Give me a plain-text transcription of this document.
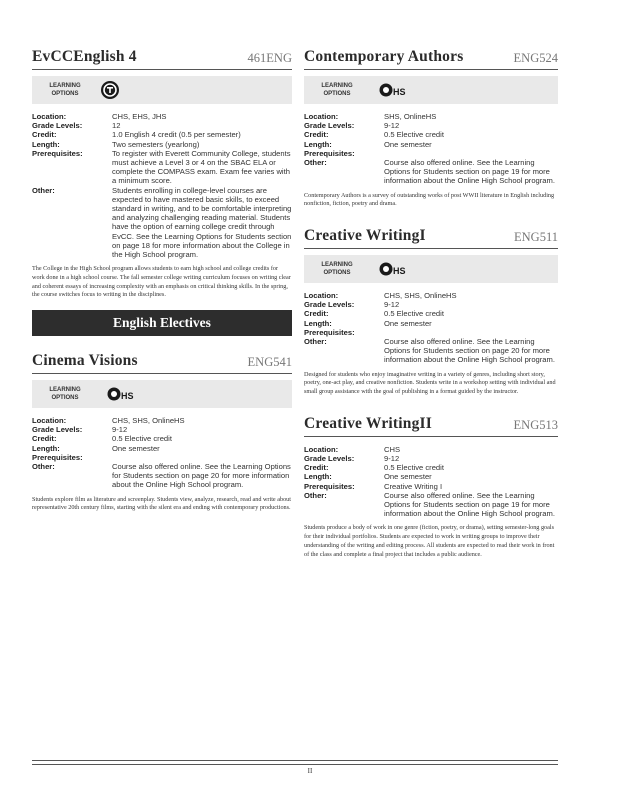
EvCCEnglish 4	461ENG
LEARNING OPTIONS
Location:	CHS, EHS, JHS
Grade Levels:	12
Credit:	1.0 English 4 credit (0.5 per semester)
Length:	Two semesters (yearlong)
Prerequisites:	To register with Everett Community College, students must achieve a Level 3 or 4 on the SBAC ELA or complete the COMPASS exam. Exam fee varies with a minimum score.
Other:	Students enrolling in college-level courses are expected to have mastered basic skills, to exceed standard in writing, and to be comfortable interpreting and analyzing challenging reading material. Students have the option of earning college credit through EvCC. See the Learning Options for Students section on page 18 for more information about the College in the High School program.
The College in the High School program allows students to earn high school and college credits for work done in a high school course. The fall semester college writing curriculum focuses on writing clear and coherent essays of increasing complexity with an emphasis on critical thinking skills. In the spring, the course switches focus to writing in the disciplines.
English Electives
Cinema Visions	ENG541
LEARNING OPTIONS	HS
Location:	CHS, SHS, OnlineHS
Grade Levels:	9-12
Credit:	0.5 Elective credit
Length:	One semester
Prerequisites:
Other:	Course also offered online. See the Learning Options for Students section on page 20 for more information about the Online High School program.
Students explore film as literature and screenplay. Students view, analyze, research, read and write about representative 20th century films, starting with the silent era and ending with contemporary productions.
Contemporary Authors	ENG524
LEARNING OPTIONS	HS
Location:	SHS, OnlineHS
Grade Levels:	9-12
Credit:	0.5 Elective credit
Length:	One semester
Prerequisites:
Other:	Course also offered online. See the Learning Options for Students section on page 19 for more information about the Online High School program.
Contemporary Authors is a survey of outstanding works of post WWII literature in English including nonfiction, fiction, poetry and drama.
Creative WritingI	ENG511
LEARNING OPTIONS	HS
Location:	CHS, SHS, OnlineHS
Grade Levels:	9-12
Credit:	0.5 Elective credit
Length:	One semester
Prerequisites:
Other:	Course also offered online. See the Learning Options for Students section on page 20 for more information about the Online High School program.
Designed for students who enjoy imaginative writing in a variety of genres, including short story, poetry, one-act play, and creative nonfiction. Students write in a workshop setting with individual and small group assistance with the goal of publishing in a format guided by the instructor.
Creative WritingII	ENG513
Location:	CHS
Grade Levels:	9-12
Credit:	0.5 Elective credit
Length:	One semester
Prerequisites:	Creative Writing I
Other:	Course also offered online. See the Learning Options for Students section on page 19 for more information about the Online High School program.
Students produce a body of work in one genre (fiction, poetry, or drama), setting semester-long goals for their individual portfolios. Students are expected to work in writing groups to improve their understanding of the writing and editing process. All students are expected to read their work in front of the class and complete a final project that includes a public audience.
II
